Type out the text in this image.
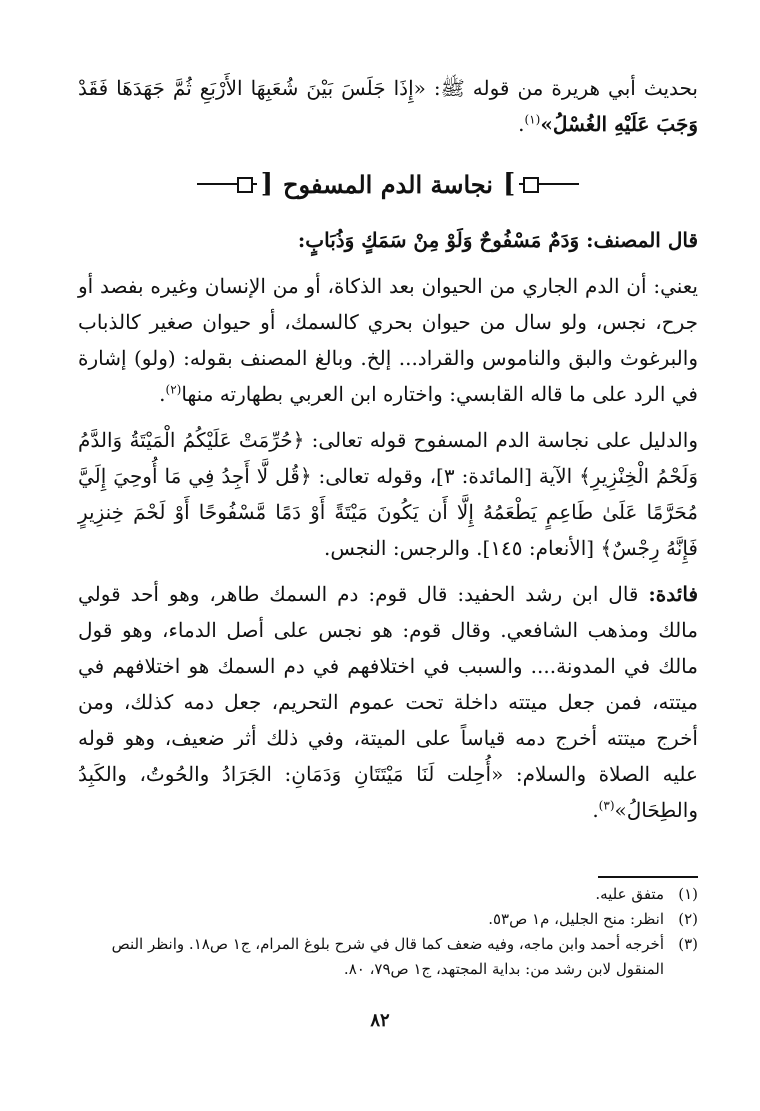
بحديث أبي هريرة من قوله ﷺ: «إِذَا جَلَسَ بَيْنَ شُعَبِهَا الأَرْبَعِ ثُمَّ جَهَدَهَا فَقَدْ وَجَبَ عَلَيْهِ الغُسْلُ»$^{(١)}$.

]
نجاسة الدم المسفوح
[

قال المصنف: وَدَمٌ مَسْفُوحٌ وَلَوْ مِنْ سَمَكٍ وَذُبَابٍ:

يعني: أن الدم الجاري من الحيوان بعد الذكاة، أو من الإنسان وغيره بفصد أو جرح، نجس، ولو سال من حيوان بحري كالسمك، أو حيوان صغير كالذباب والبرغوث والبق والناموس والقراد... إلخ. وبالغ المصنف بقوله: (ولو) إشارة في الرد على ما قاله القابسي: واختاره ابن العربي بطهارته منها$^{(٢)}$.

والدليل على نجاسة الدم المسفوح قوله تعالى: ﴿حُرِّمَتْ عَلَيْكُمُ الْمَيْتَةُ وَالدَّمُ وَلَحْمُ الْخِنْزِيرِ﴾ الآية [المائدة: ٣]، وقوله تعالى: ﴿قُل لَّا أَجِدُ فِي مَا أُوحِيَ إِلَيَّ مُحَرَّمًا عَلَىٰ طَاعِمٍ يَطْعَمُهُ إِلَّا أَن يَكُونَ مَيْتَةً أَوْ دَمًا مَّسْفُوحًا أَوْ لَحْمَ خِنزِيرٍ فَإِنَّهُ رِجْسٌ﴾ [الأنعام: ١٤٥]. والرجس: النجس.

فائدة: قال ابن رشد الحفيد: قال قوم: دم السمك طاهر، وهو أحد قولي مالك ومذهب الشافعي. وقال قوم: هو نجس على أصل الدماء، وهو قول مالك في المدونة.... والسبب في اختلافهم في دم السمك هو اختلافهم في ميتته، فمن جعل ميتته داخلة تحت عموم التحريم، جعل دمه كذلك، ومن أخرج ميتته أخرج دمه قياساً على الميتة، وفي ذلك أثر ضعيف، وهو قوله عليه الصلاة والسلام: «أُحِلت لَنَا مَيْتَتَانِ وَدَمَانِ: الجَرَادُ والحُوتُ، والكَبِدُ والطِحَالُ»$^{(٣)}$.

(١)
متفق عليه.
(٢)
انظر: منح الجليل، م١ ص٥٣.
(٣)
أخرجه أحمد وابن ماجه، وفيه ضعف كما قال في شرح بلوغ المرام، ج١ ص١٨. وانظر النص المنقول لابن رشد من: بداية المجتهد، ج١ ص٧٩، ٨٠.
٨٢
